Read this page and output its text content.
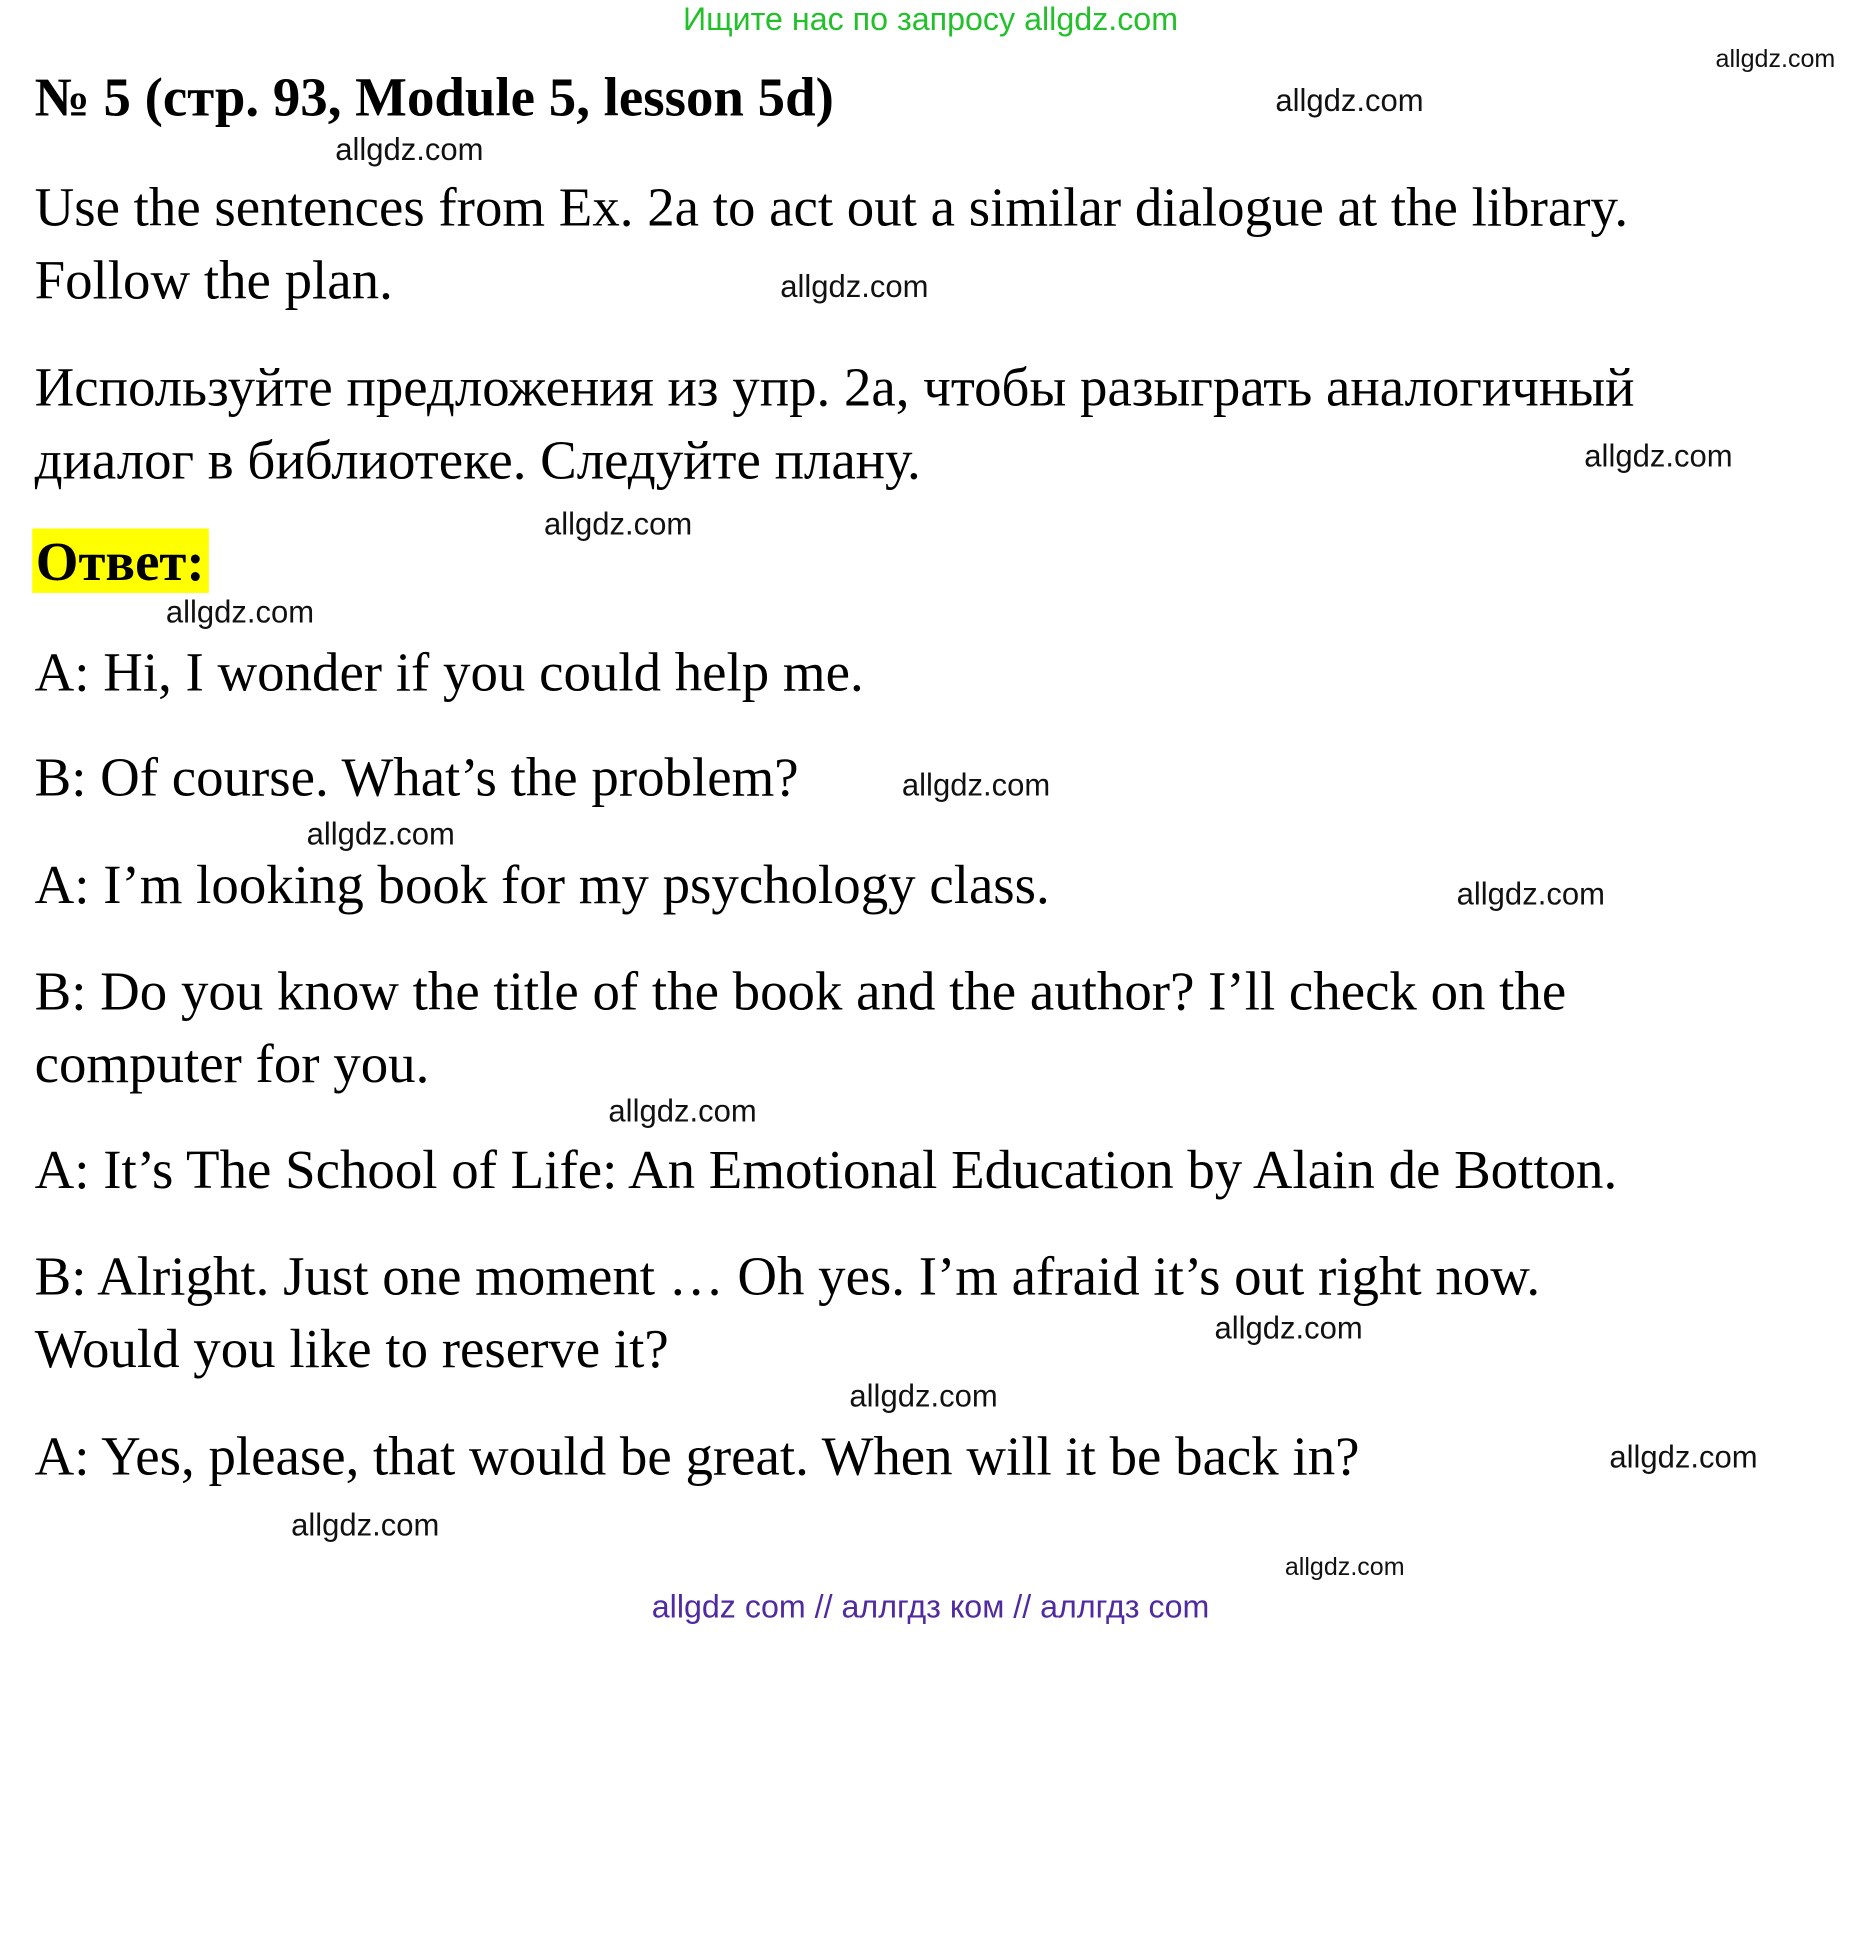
Ищите нас по запросу allgdz.com
№ 5 (стр. 93, Module 5, lesson 5d)
Use the sentences from Ex. 2a to act out a similar dialogue at the library.
Follow the plan.
Используйте предложения из упр. 2а, чтобы разыграть аналогичный
диалог в библиотеке. Следуйте плану.
Ответ:
A: Hi, I wonder if you could help me.
B: Of course. What’s the problem?
A: I’m looking book for my psychology class.
B: Do you know the title of the book and the author? I’ll check on the
computer for you.
A: It’s The School of Life: An Emotional Education by Alain de Botton.
B: Alright. Just one moment … Oh yes. I’m afraid it’s out right now.
Would you like to reserve it?
A: Yes, please, that would be great. When will it be back in?
allgdz.com
allgdz.com
allgdz.com
allgdz.com
allgdz.com
allgdz.com
allgdz.com
allgdz.com
allgdz.com
allgdz.com
allgdz.com
allgdz.com
allgdz.com
allgdz.com
allgdz.com
allgdz.com
allgdz com // аллгдз ком // аллгдз com
